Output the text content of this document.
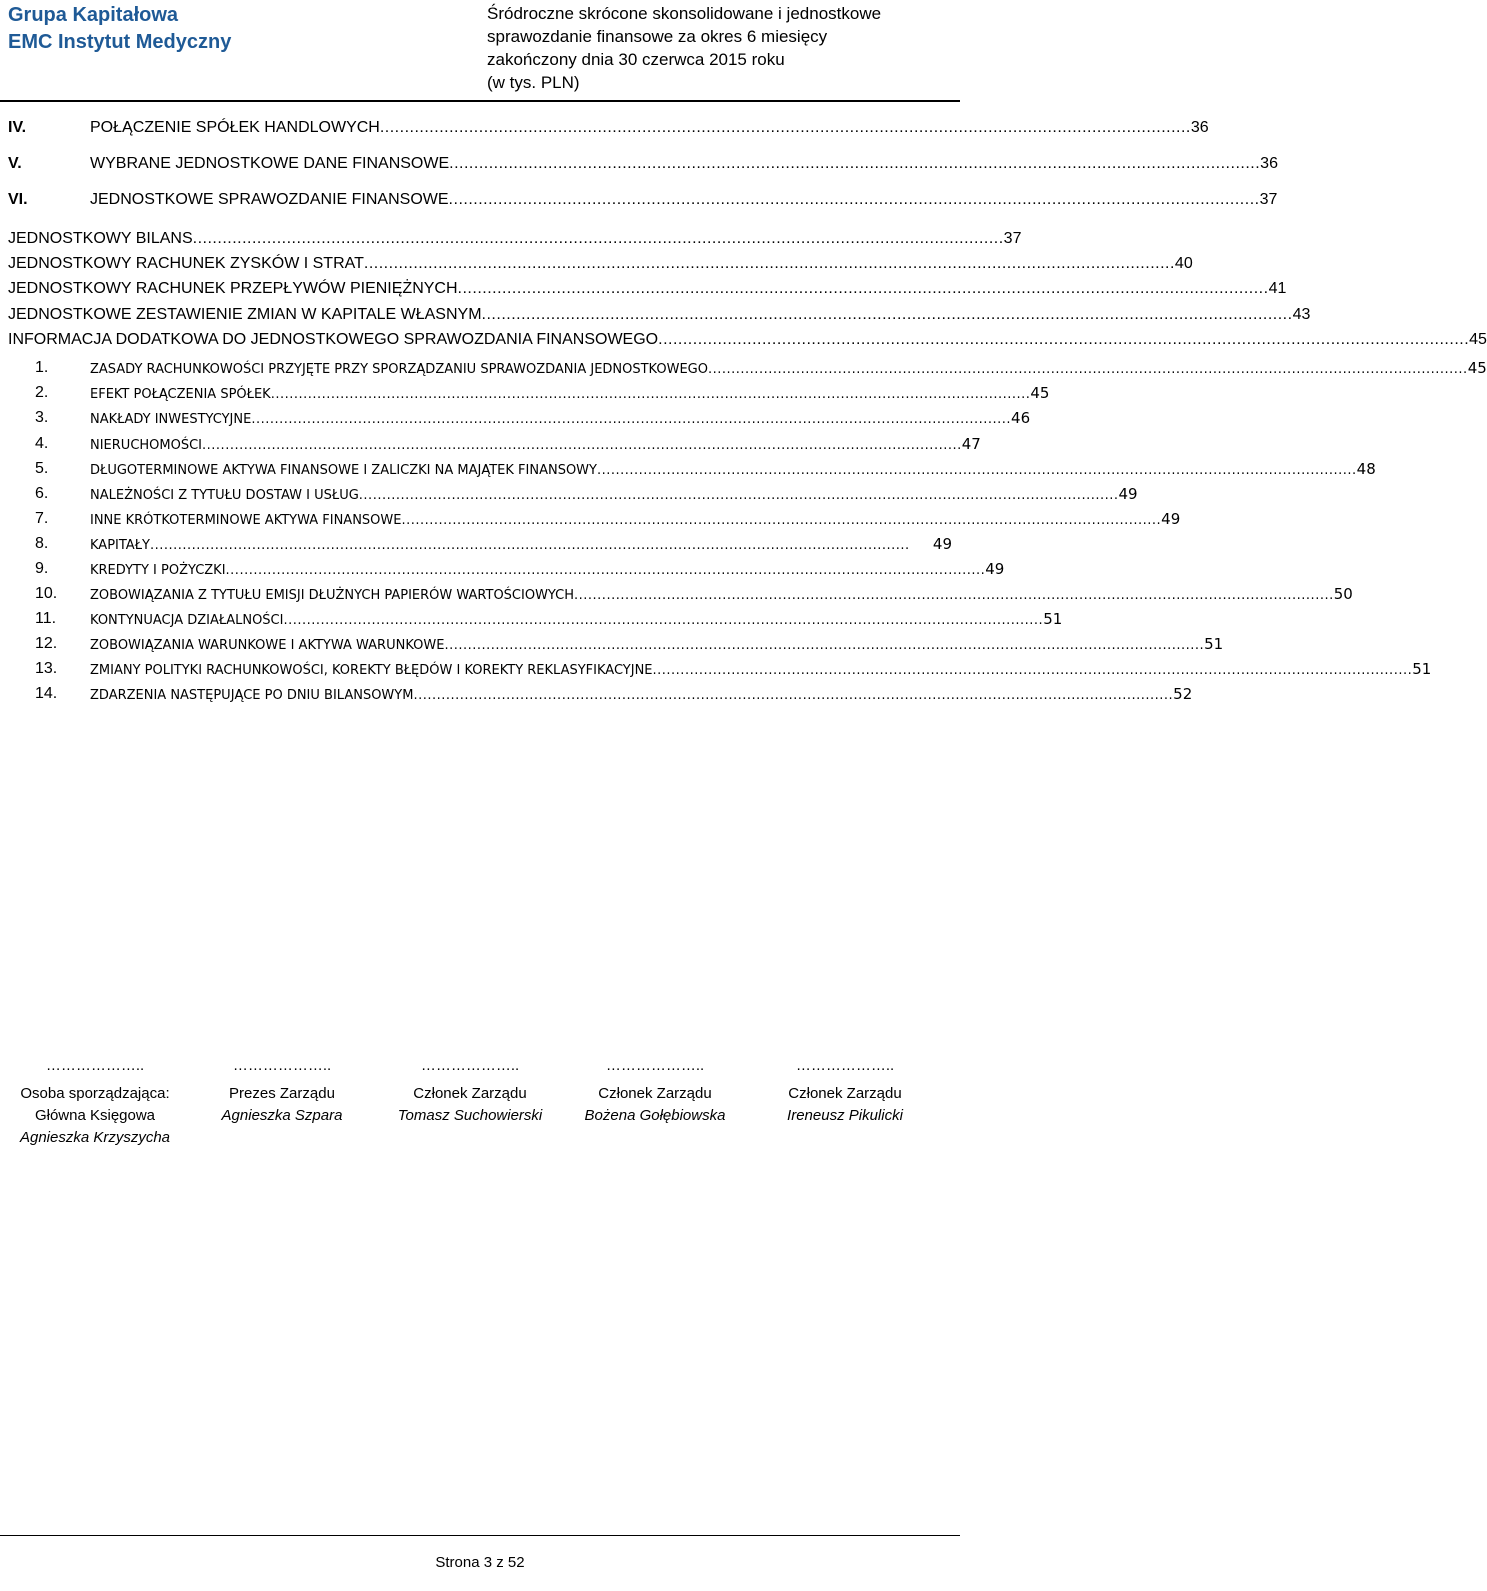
Grupa Kapitałowa
EMC Instytut Medyczny
Śródroczne skrócone skonsolidowane i jednostkowe
sprawozdanie finansowe za okres 6 miesięcy
zakończony dnia 30 czerwca 2015 roku
(w tys. PLN)
IV.	POŁĄCZENIE SPÓŁEK HANDLOWYCH .................................................................................................................................................................... 36
V.	WYBRANE JEDNOSTKOWE DANE FINANSOWE .................................................................................................................................................................... 36
VI.	JEDNOSTKOWE SPRAWOZDANIE FINANSOWE .................................................................................................................................................................... 37
JEDNOSTKOWY BILANS .................................................................................................................................................................... 37
JEDNOSTKOWY RACHUNEK ZYSKÓW I STRAT .................................................................................................................................................................... 40
JEDNOSTKOWY RACHUNEK PRZEPŁYWÓW PIENIĘŻNYCH .................................................................................................................................................................... 41
JEDNOSTKOWE ZESTAWIENIE ZMIAN W KAPITALE WŁASNYM .................................................................................................................................................................... 43
INFORMACJA DODATKOWA DO JEDNOSTKOWEGO SPRAWOZDANIA FINANSOWEGO .................................................................................................................................................................... 45
1.	ZASADY RACHUNKOWOŚCI PRZYJĘTE PRZY SPORZĄDZANIU SPRAWOZDANIA JEDNOSTKOWEGO .................................................................................................................................................................... 45
2.	EFEKT POŁĄCZENIA SPÓŁEK .................................................................................................................................................................... 45
3.	NAKŁADY INWESTYCYJNE .................................................................................................................................................................... 46
4.	NIERUCHOMOŚCI .................................................................................................................................................................... 47
5.	DŁUGOTERMINOWE AKTYWA FINANSOWE I ZALICZKI NA MAJĄTEK FINANSOWY .................................................................................................................................................................... 48
6.	NALEŻNOŚCI Z TYTUŁU DOSTAW I USŁUG .................................................................................................................................................................... 49
7.	INNE KRÓTKOTERMINOWE AKTYWA FINANSOWE .................................................................................................................................................................... 49
8.	KAPITAŁY ....................................................................................................................................................................	49
9.	KREDYTY I POŻYCZKI .................................................................................................................................................................... 49
10.	ZOBOWIĄZANIA Z TYTUŁU EMISJI DŁUŻNYCH PAPIERÓW WARTOŚCIOWYCH .................................................................................................................................................................... 50
11.	KONTYNUACJA DZIAŁALNOŚCI .................................................................................................................................................................... 51
12.	ZOBOWIĄZANIA WARUNKOWE I AKTYWA WARUNKOWE .................................................................................................................................................................... 51
13.	ZMIANY POLITYKI RACHUNKOWOŚCI, KOREKTY BŁĘDÓW I KOREKTY REKLASYFIKACYJNE .................................................................................................................................................................... 51
14.	ZDARZENIA NASTĘPUJĄCE PO DNIU BILANSOWYM .................................................................................................................................................................... 52
………………..
Osoba sporządzająca:
Główna Księgowa
Agnieszka Krzyszycha
………………..
Prezes Zarządu
Agnieszka Szpara
………………..
Członek Zarządu
Tomasz Suchowierski
………………..
Członek Zarządu
Bożena Gołębiowska
………………..
Członek Zarządu
Ireneusz Pikulicki
Strona 3 z 52
